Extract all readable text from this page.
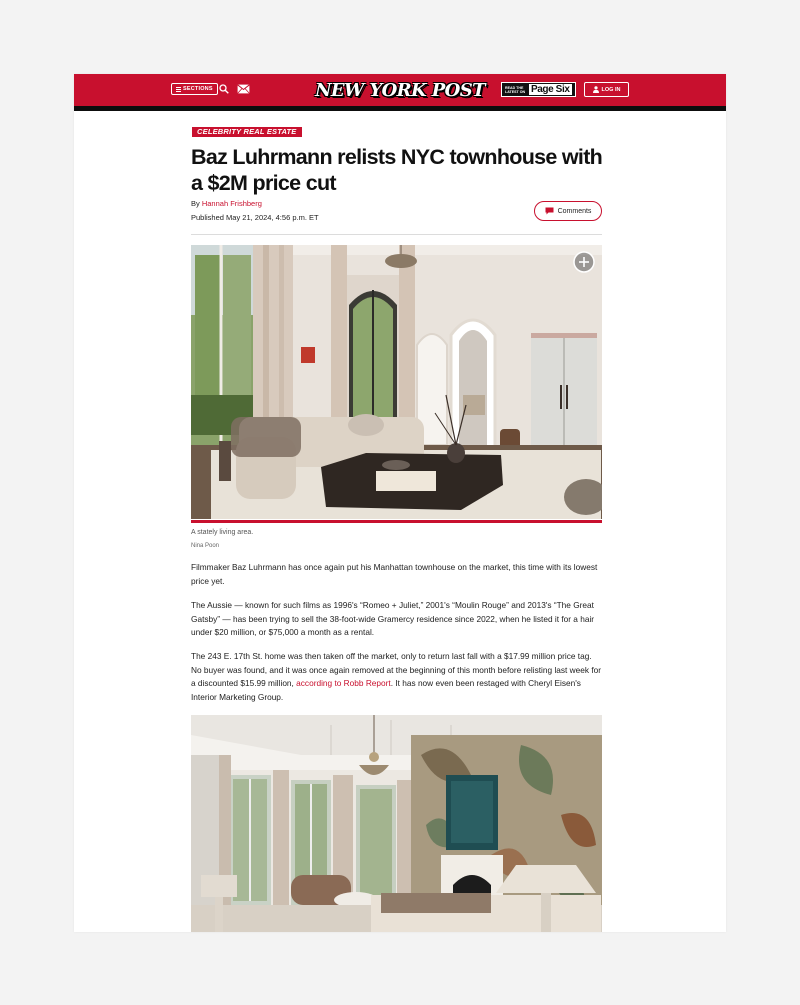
SECTIONS	NEW YORK POST	READ THE LATEST ON Page Six	LOG IN
CELEBRITY REAL ESTATE
Baz Luhrmann relists NYC townhouse with a $2M price cut
By Hannah Frishberg
Published May 21, 2024, 4:56 p.m. ET
Comments
A stately living area.
Nina Poon

Filmmaker Baz Luhrmann has once again put his Manhattan townhouse on the market, this time with its lowest price yet.

The Aussie — known for such films as 1996's “Romeo + Juliet,” 2001's “Moulin Rouge” and 2013's “The Great Gatsby” — has been trying to sell the 38-foot-wide Gramercy residence since 2022, when he listed it for a hair under $20 million, or $75,000 a month as a rental.

The 243 E. 17th St. home was then taken off the market, only to return last fall with a $17.99 million price tag. No buyer was found, and it was once again removed at the beginning of this month before relisting last week for a discounted $15.99 million, according to Robb Report. It has now even been restaged with Cheryl Eisen's Interior Marketing Group.
